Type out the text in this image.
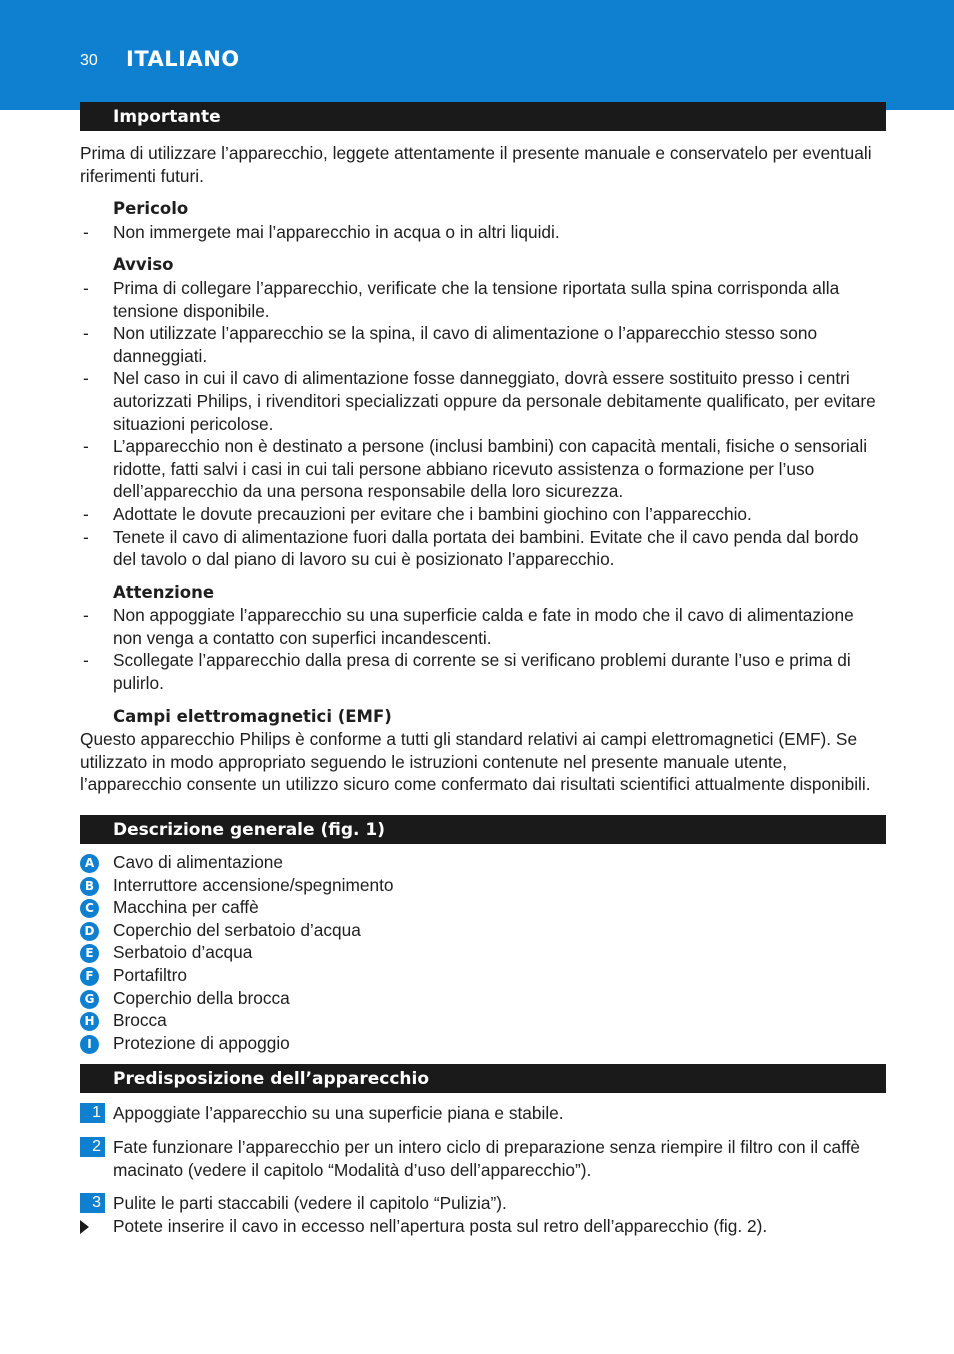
30 ITALIANO
Importante

Prima di utilizzare l’apparecchio, leggete attentamente il presente manuale e conservatelo per eventuali riferimenti futuri.

Pericolo

- Non immergete mai l’apparecchio in acqua o in altri liquidi.

Avviso

- Prima di collegare l’apparecchio, verificate che la tensione riportata sulla spina corrisponda alla tensione disponibile.

- Non utilizzate l’apparecchio se la spina, il cavo di alimentazione o l’apparecchio stesso sono danneggiati.

- Nel caso in cui il cavo di alimentazione fosse danneggiato, dovrà essere sostituito presso i centri autorizzati Philips, i rivenditori specializzati oppure da personale debitamente qualificato, per evitare situazioni pericolose.

- L’apparecchio non è destinato a persone (inclusi bambini) con capacità mentali, fisiche o sensoriali ridotte, fatti salvi i casi in cui tali persone abbiano ricevuto assistenza o formazione per l’uso dell’apparecchio da una persona responsabile della loro sicurezza.

- Adottate le dovute precauzioni per evitare che i bambini giochino con l’apparecchio.

- Tenete il cavo di alimentazione fuori dalla portata dei bambini. Evitate che il cavo penda dal bordo del tavolo o dal piano di lavoro su cui è posizionato l’apparecchio.

Attenzione

- Non appoggiate l’apparecchio su una superficie calda e fate in modo che il cavo di alimentazione non venga a contatto con superfici incandescenti.

- Scollegate l’apparecchio dalla presa di corrente se si verificano problemi durante l’uso e prima di pulirlo.

Campi elettromagnetici (EMF)

Questo apparecchio Philips è conforme a tutti gli standard relativi ai campi elettromagnetici (EMF). Se utilizzato in modo appropriato seguendo le istruzioni contenute nel presente manuale utente, l’apparecchio consente un utilizzo sicuro come confermato dai risultati scientifici attualmente disponibili.

Descrizione generale (fig. 1)

A Cavo di alimentazione

B Interruttore accensione/spegnimento

C Macchina per caffè

D Coperchio del serbatoio d’acqua

E	Serbatoio d’acqua

F	Portafiltro

G Coperchio della brocca

H Brocca

I	Protezione di appoggio

Predisposizione dell’apparecchio

1 Appoggiate l’apparecchio su una superficie piana e stabile.

2 Fate funzionare l’apparecchio per un intero ciclo di preparazione senza riempire il filtro con il caffè macinato (vedere il capitolo “Modalità d’uso dell’apparecchio”).

3 Pulite le parti staccabili (vedere il capitolo “Pulizia”).

Potete inserire il cavo in eccesso nell’apertura posta sul retro dell’apparecchio (fig. 2).
